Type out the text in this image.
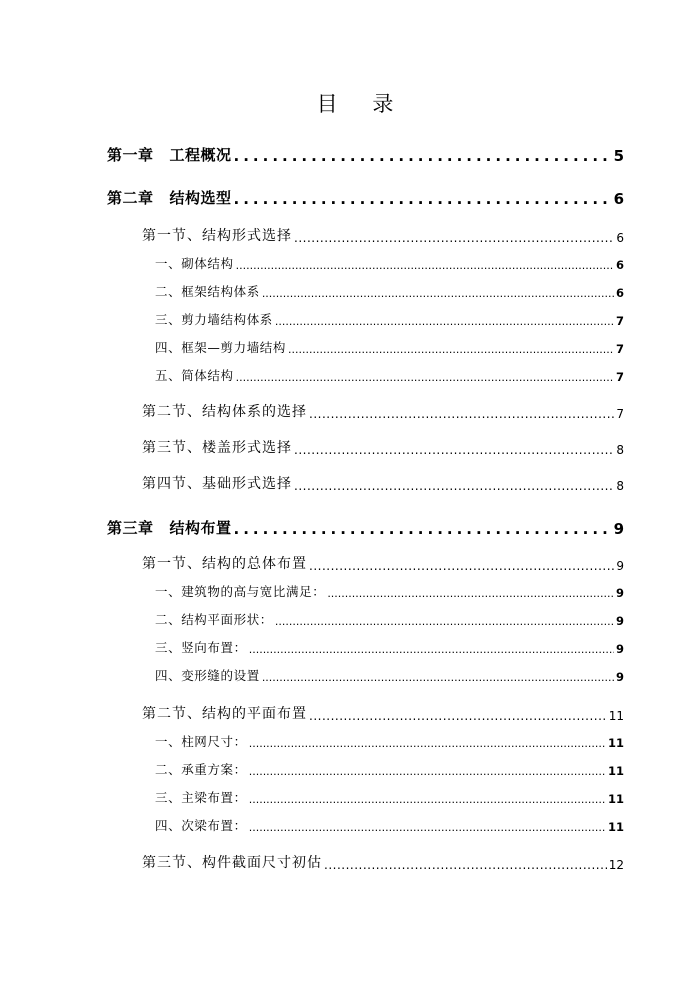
目 录
第一章 工程概况 .....	5
第二章 结构选型 .....	6
第一节、结构形式选择 .....	6
一、砌体结构 .....	6
二、框架结构体系 .....	6
三、剪力墙结构体系 .....	7
四、框架—剪力墙结构 .....	7
五、简体结构 .....	7
第二节、结构体系的选择 .....	7
第三节、楼盖形式选择 .....	8
第四节、基础形式选择 .....	8
第三章 结构布置 .....	9
第一节、结构的总体布置 .....	9
一、建筑物的高与宽比满足： .....	9
二、结构平面形状： .....	9
三、竖向布置： .....	9
四、变形缝的设置 .....	9
第二节、结构的平面布置 .....	11
一、柱网尺寸： .....	11
二、承重方案： .....	11
三、主梁布置： .....	11
四、次梁布置： .....	11
第三节、构件截面尺寸初估 .....	12
